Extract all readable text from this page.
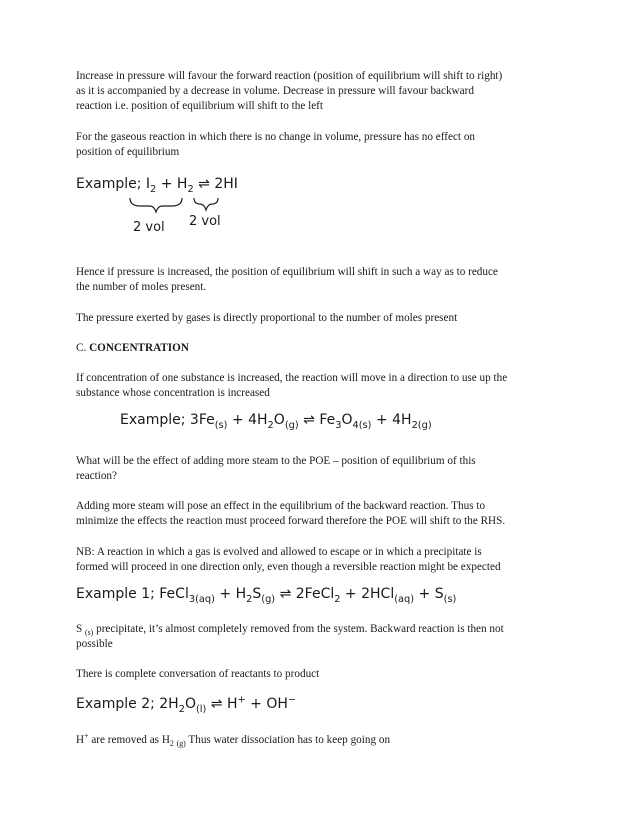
Increase in pressure will favour the forward reaction (position of equilibrium will shift to right)
as it is accompanied by a decrease in volume. Decrease in pressure will favour backward
reaction i.e. position of equilibrium will shift to the left

For the gaseous reaction in which there is no change in volume, pressure has no effect on
position of equilibrium

Example; $I_2 + H_2$ ⇌ 2HI
2 vol 2 vol

Hence if pressure is increased, the position of equilibrium will shift in such a way as to reduce
the number of moles present.

The pressure exerted by gases is directly proportional to the number of moles present

C. CONCENTRATION

If concentration of one substance is increased, the reaction will move in a direction to use up the
substance whose concentration is increased

Example; $3Fe_{(s)} + 4H_2O_{(g)}$ ⇌ $Fe_3O_{4(s)} + 4H_{2(g)}$

What will be the effect of adding more steam to the POE – position of equilibrium of this
reaction?

Adding more steam will pose an effect in the equilibrium of the backward reaction. Thus to
minimize the effects the reaction must proceed forward therefore the POE will shift to the RHS.

NB: A reaction in which a gas is evolved and allowed to escape or in which a precipitate is
formed will proceed in one direction only, even though a reversible reaction might be expected

Example 1; FeCl$_{3(aq)}$ + $H_2S_{(g)}$ ⇌ 2FeCl$_2$ + $2HCl_{(aq)} + S_{(s)}$

S $_{(s)}$ precipitate, it’s almost completely removed from the system. Backward reaction is then not
possible

There is complete conversation of reactants to product

Example 2; $2H_2O_{(l)}$ ⇌ H+ + OH−

H+ are removed as $H_2$ $_{(g)}$ Thus water dissociation has to keep going on
